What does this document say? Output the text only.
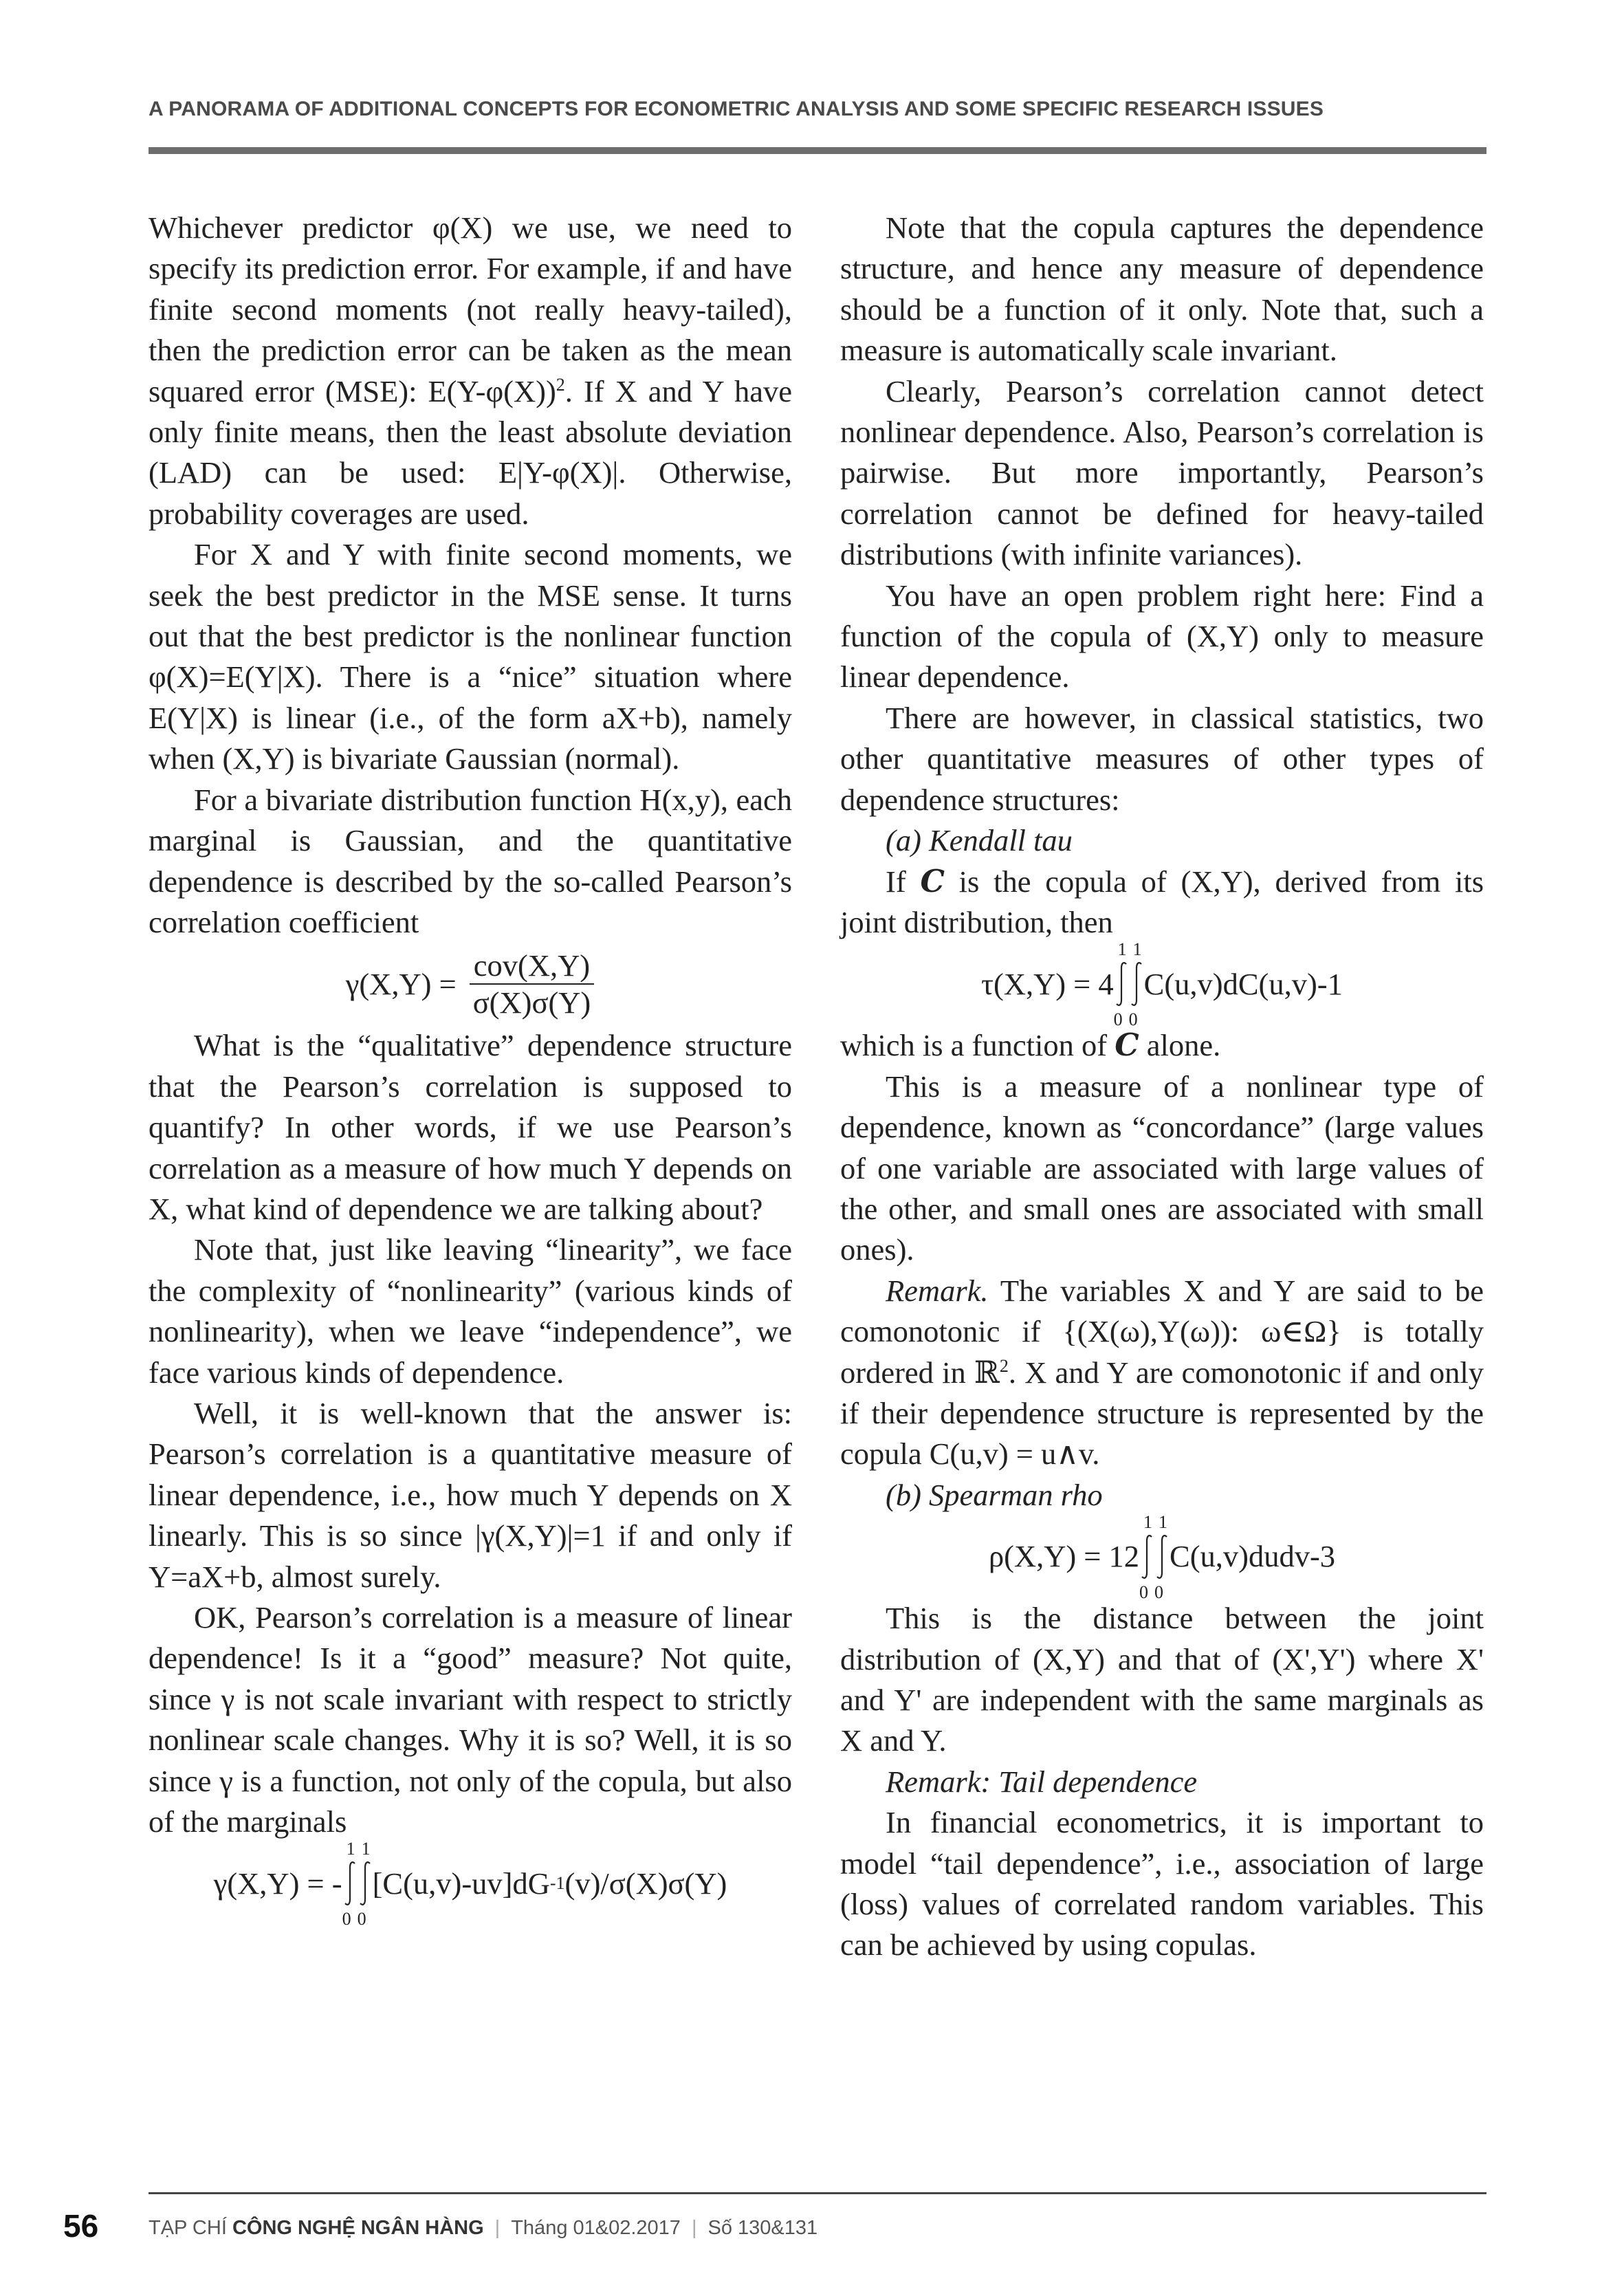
A PANORAMA OF ADDITIONAL CONCEPTS FOR ECONOMETRIC ANALYSIS AND SOME SPECIFIC RESEARCH ISSUES

Whichever predictor φ(X) we use, we need to specify its prediction error. For example, if and have finite second moments (not really heavy-tailed), then the prediction error can be taken as the mean squared error (MSE): $E(Y-\varphi(X))^2$. If X and Y have only finite means, then the least absolute deviation (LAD) can be used: E|Y-φ(X)|. Otherwise, probability coverages are used.

For X and Y with finite second moments, we seek the best predictor in the MSE sense. It turns out that the best predictor is the nonlinear function φ(X)=E(Y|X). There is a “nice” situation where E(Y|X) is linear (i.e., of the form aX+b), namely when (X,Y) is bivariate Gaussian (normal).

For a bivariate distribution function H(x,y), each marginal is Gaussian, and the quantitative dependence is described by the so-called Pearson’s correlation coefficient

$\gamma(X,Y) = \frac{\text{cov(X,Y)}}{\sigma(X)\sigma(Y)}$

What is the “qualitative” dependence structure that the Pearson’s correlation is supposed to quantify? In other words, if we use Pearson’s correlation as a measure of how much Y depends on X, what kind of dependence we are talking about?

Note that, just like leaving “linearity”, we face the complexity of “nonlinearity” (various kinds of nonlinearity), when we leave “independence”, we face various kinds of dependence.

Well, it is well-known that the answer is: Pearson’s correlation is a quantitative measure of linear dependence, i.e., how much Y depends on X linearly. This is so since |γ(X,Y)|=1 if and only if Y=aX+b, almost surely.

OK, Pearson’s correlation is a measure of linear dependence! Is it a “good” measure? Not quite, since γ is not scale invariant with respect to strictly nonlinear scale changes. Why it is so? Well, it is so since γ is a function, not only of the copula, but also of the marginals

γ(X,Y) = -
1
0
1
0
[C(u,v)-uv]dG -1 (v)/σ(X)σ(Y)

Note that the copula captures the dependence structure, and hence any measure of dependence should be a function of it only. Note that, such a measure is automatically scale invariant.

Clearly, Pearson’s correlation cannot detect nonlinear dependence. Also, Pearson’s correlation is pairwise. But more importantly, Pearson’s correlation cannot be defined for heavy-tailed distributions (with infinite variances).

You have an open problem right here: Find a function of the copula of (X,Y) only to measure linear dependence.

There are however, in classical statistics, two other quantitative measures of other types of dependence structures:

(a) Kendall tau

If C is the copula of (X,Y), derived from its joint distribution, then

τ(X,Y) = 4
1
0
1
0
C(u,v)dC(u,v)-1

which is a function of C alone.

This is a measure of a nonlinear type of dependence, known as “concordance” (large values of one variable are associated with large values of the other, and small ones are associated with small ones).

Remark. The variables X and Y are said to be comonotonic if {(X(ω),Y(ω)): ω∈Ω} is totally ordered in ℝ$^2$. X and Y are comonotonic if and only if their dependence structure is represented by the copula C(u,v) = u∧v.

(b) Spearman rho

ρ(X,Y) = 12
1
0
1
0
C(u,v)dudv-3

This is the distance between the joint distribution of (X,Y) and that of (X',Y') where X' and Y' are independent with the same marginals as X and Y.

Remark: Tail dependence

In financial econometrics, it is important to model “tail dependence”, i.e., association of large (loss) values of correlated random variables. This can be achieved by using copulas.

56	TẠP CHÍ CÔNG NGHỆ NGÂN HÀNG | Tháng 01&02.2017 | Số 130&131
